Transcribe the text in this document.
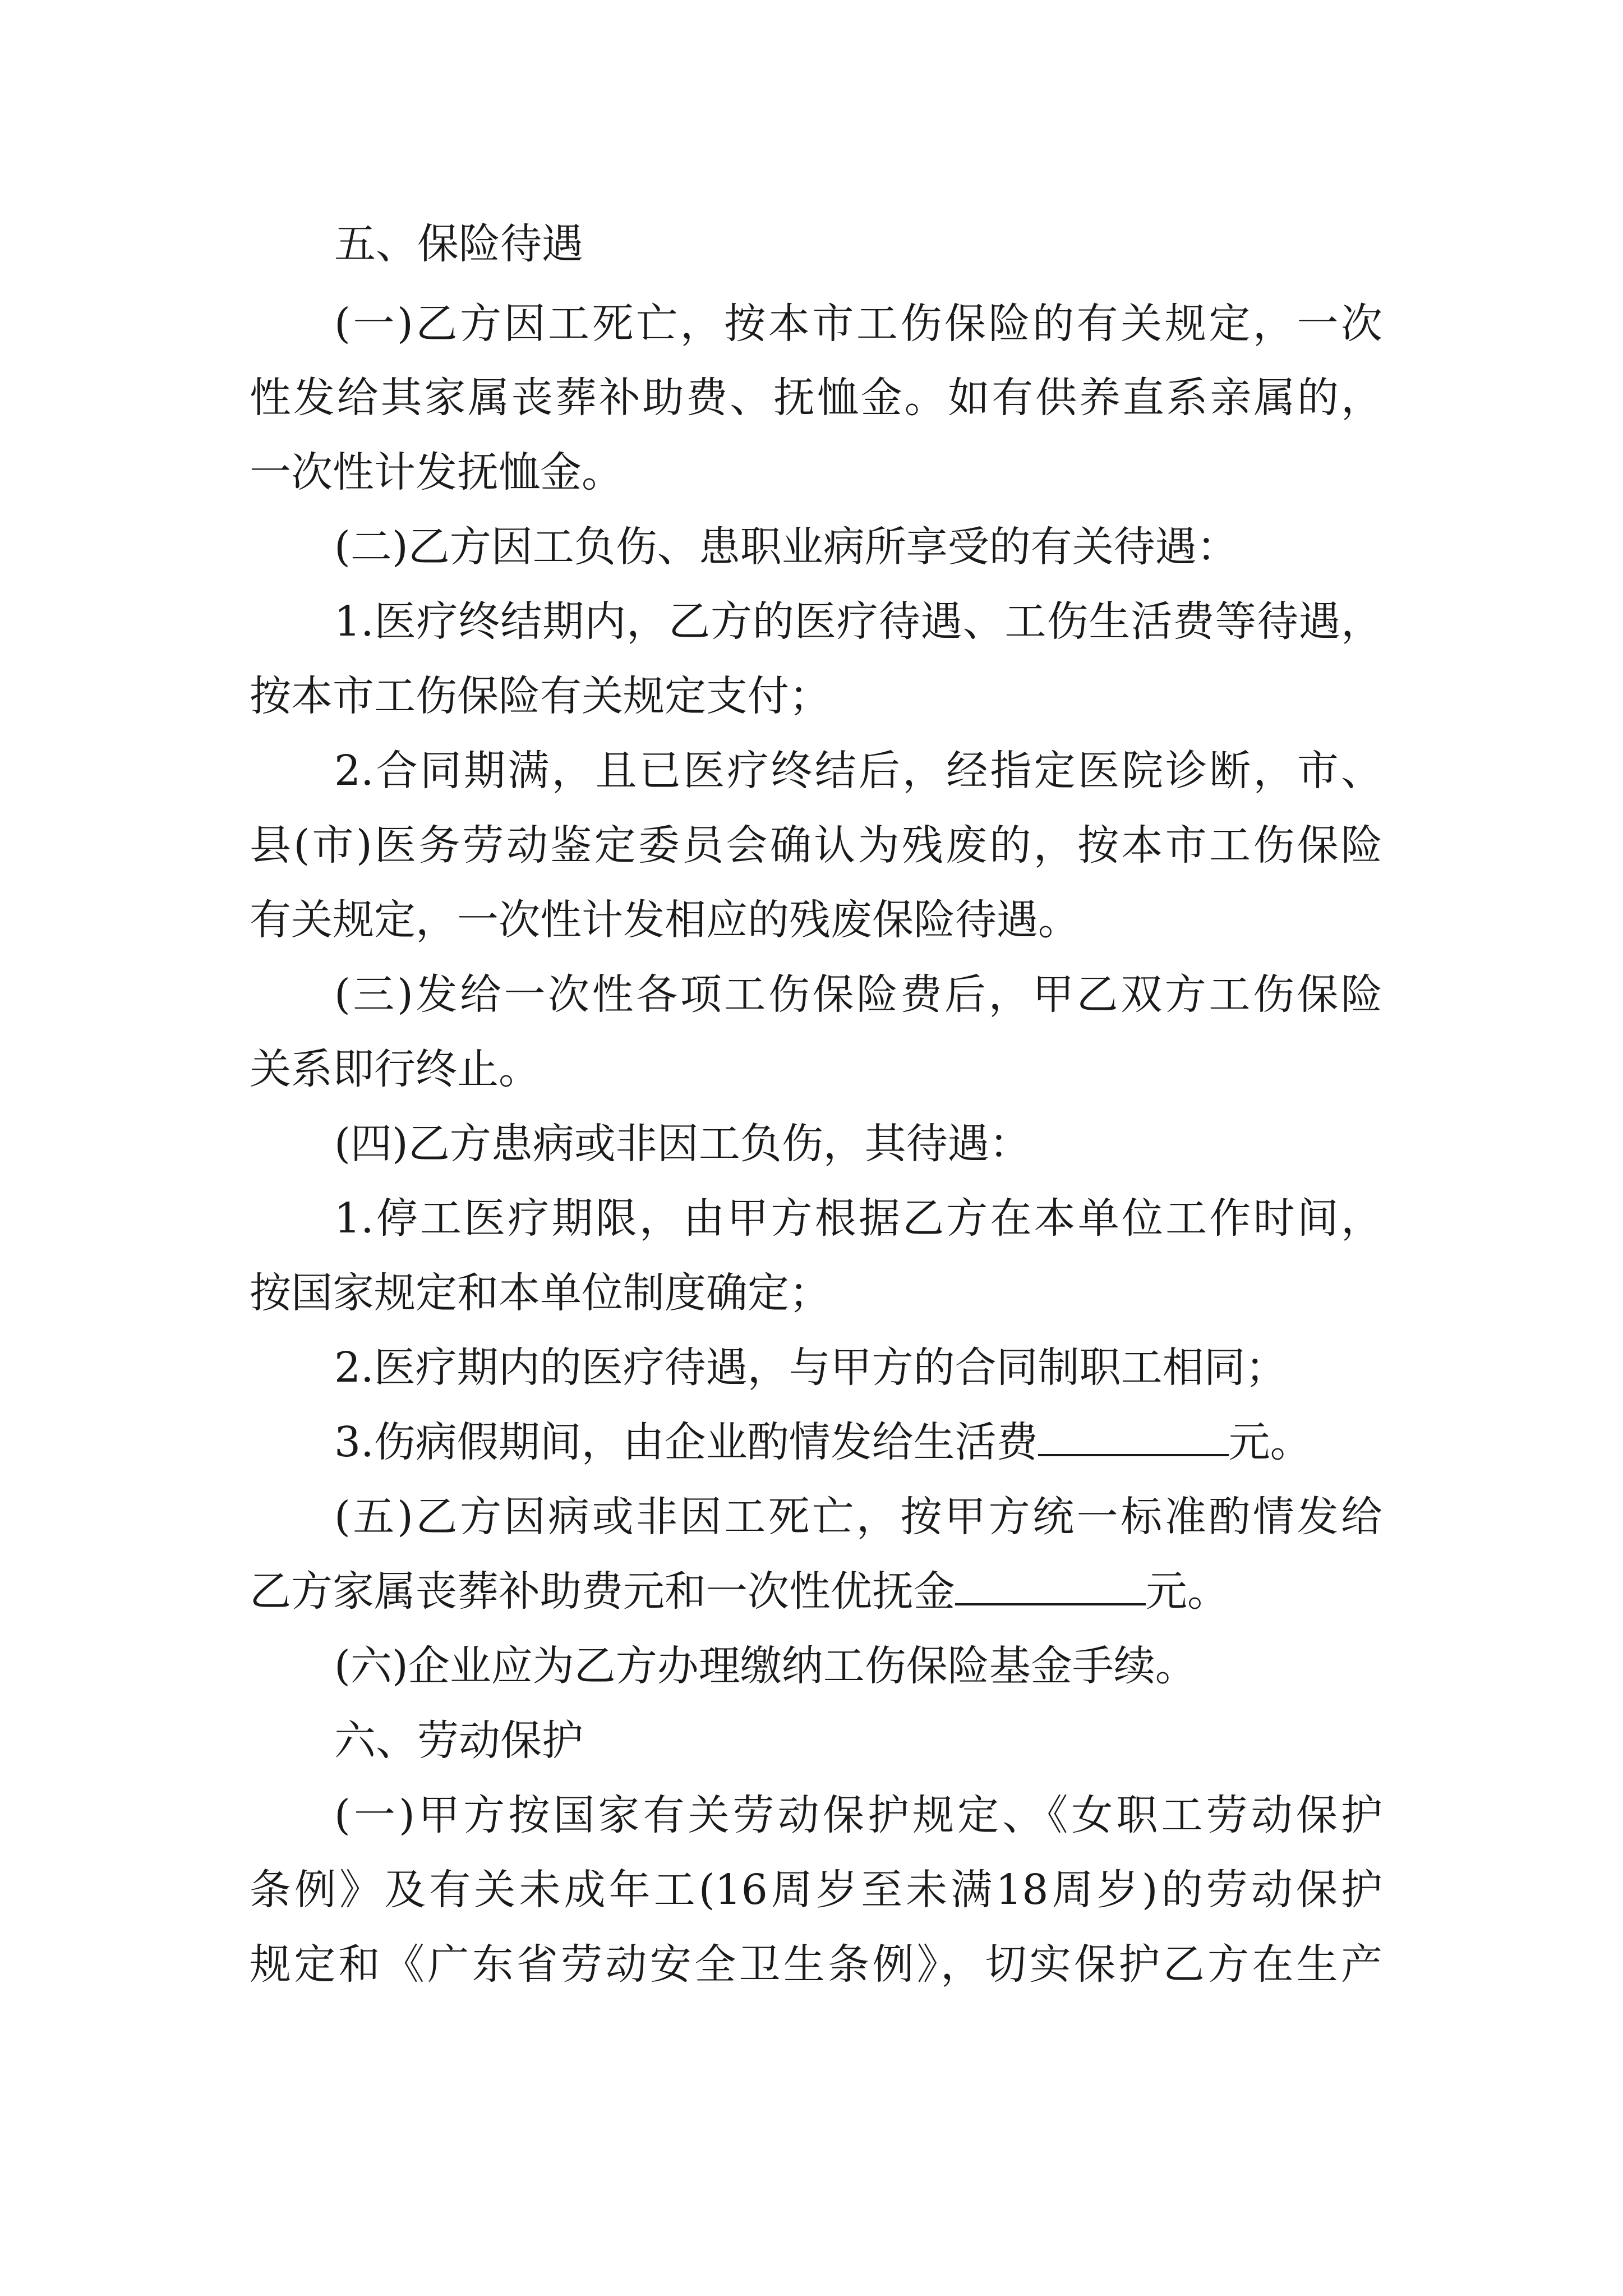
五、保险待遇
(一)乙方因工死亡，按本市工伤保险的有关规定，一次
性发给其家属丧葬补助费、抚恤金。如有供养直系亲属的，
一次性计发抚恤金。
(二)乙方因工负伤、患职业病所享受的有关待遇：
1.医疗终结期内，乙方的医疗待遇、工伤生活费等待遇，
按本市工伤保险有关规定支付；
2.合同期满，且已医疗终结后，经指定医院诊断，市、
县(市)医务劳动鉴定委员会确认为残废的，按本市工伤保险
有关规定，一次性计发相应的残废保险待遇。
(三)发给一次性各项工伤保险费后，甲乙双方工伤保险
关系即行终止。
(四)乙方患病或非因工负伤，其待遇：
1.停工医疗期限，由甲方根据乙方在本单位工作时间，
按国家规定和本单位制度确定；
2.医疗期内的医疗待遇，与甲方的合同制职工相同；
3.伤病假期间，由企业酌情发给生活费	元。
(五)乙方因病或非因工死亡，按甲方统一标准酌情发给
乙方家属丧葬补助费元和一次性优抚金	元。
(六)企业应为乙方办理缴纳工伤保险基金手续。
六、劳动保护
(一)甲方按国家有关劳动保护规定、《女职工劳动保护
条例》及有关未成年工(16周岁至未满18周岁)的劳动保护
规定和《广东省劳动安全卫生条例》，切实保护乙方在生产
